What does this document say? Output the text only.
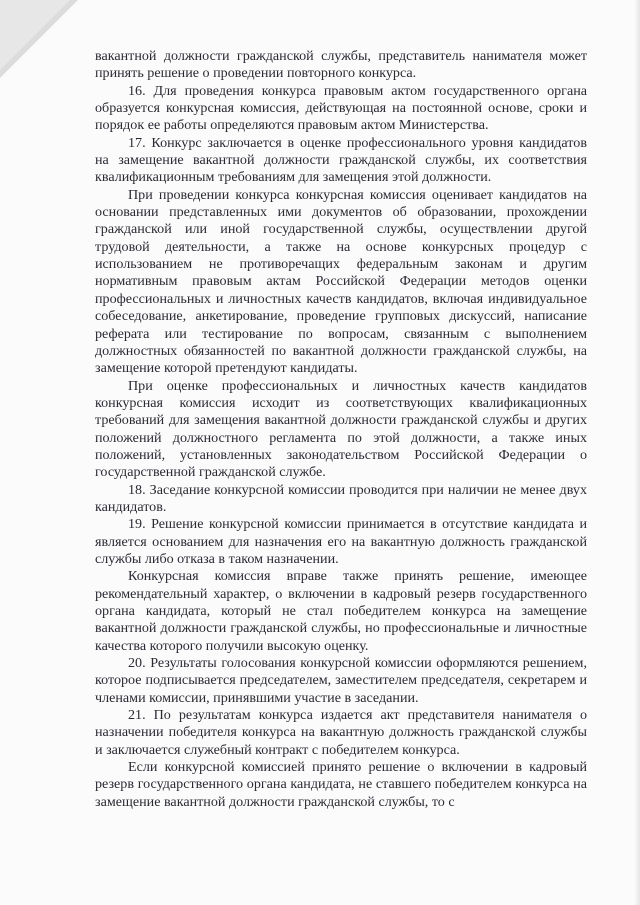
вакантной должности гражданской службы, представитель нанимателя может принять решение о проведении повторного конкурса.

16. Для проведения конкурса правовым актом государственного органа образуется конкурсная комиссия, действующая на постоянной основе, сроки и порядок ее работы определяются правовым актом Министерства.

17. Конкурс заключается в оценке профессионального уровня кандидатов на замещение вакантной должности гражданской службы, их соответствия квалификационным требованиям для замещения этой должности.

При проведении конкурса конкурсная комиссия оценивает кандидатов на основании представленных ими документов об образовании, прохождении гражданской или иной государственной службы, осуществлении другой трудовой деятельности, а также на основе конкурсных процедур с использованием не противоречащих федеральным законам и другим нормативным правовым актам Российской Федерации методов оценки профессиональных и личностных качеств кандидатов, включая индивидуальное собеседование, анкетирование, проведение групповых дискуссий, написание реферата или тестирование по вопросам, связанным с выполнением должностных обязанностей по вакантной должности гражданской службы, на замещение которой претендуют кандидаты.

При оценке профессиональных и личностных качеств кандидатов конкурсная комиссия исходит из соответствующих квалификационных требований для замещения вакантной должности гражданской службы и других положений должностного регламента по этой должности, а также иных положений, установленных законодательством Российской Федерации о государственной гражданской службе.

18. Заседание конкурсной комиссии проводится при наличии не менее двух кандидатов.

19. Решение конкурсной комиссии принимается в отсутствие кандидата и является основанием для назначения его на вакантную должность гражданской службы либо отказа в таком назначении.

Конкурсная комиссия вправе также принять решение, имеющее рекомендательный характер, о включении в кадровый резерв государственного органа кандидата, который не стал победителем конкурса на замещение вакантной должности гражданской службы, но профессиональные и личностные качества которого получили высокую оценку.

20. Результаты голосования конкурсной комиссии оформляются решением, которое подписывается председателем, заместителем председателя, секретарем и членами комиссии, принявшими участие в заседании.

21. По результатам конкурса издается акт представителя нанимателя о назначении победителя конкурса на вакантную должность гражданской службы и заключается служебный контракт с победителем конкурса.

Если конкурсной комиссией принято решение о включении в кадровый резерв государственного органа кандидата, не ставшего победителем конкурса на замещение вакантной должности гражданской службы, то с
